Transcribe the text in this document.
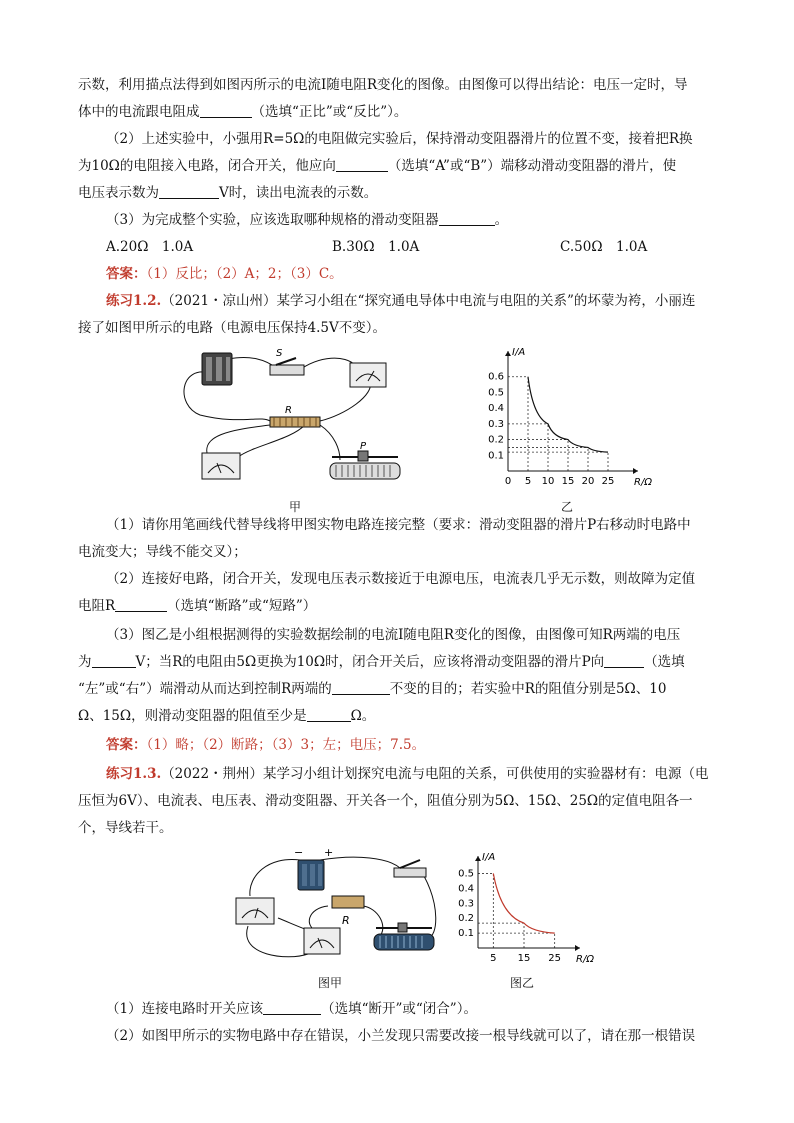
示数，利用描点法得到如图丙所示的电流I随电阻R变化的图像。由图像可以得出结论：电压一定时，导

体中的电流跟电阻成	（选填“正比”或“反比”）。

（2）上述实验中，小强用R=5Ω的电阻做完实验后，保持滑动变阻器滑片的位置不变，接着把R换

为10Ω的电阻接入电路，闭合开关，他应向	（选填“A”或“B”）端移动滑动变阻器的滑片，使

电压表示数为	V时，读出电流表的示数。

（3）为完成整个实验，应该选取哪种规格的滑动变阻器	。

A.20Ω　1.0A	B.30Ω　1.0A	C.50Ω　1.0A

答案：（1）反比；（2）A；2；（3）C。

练习1.2.（2021・凉山州）某学习小组在“探究通电导体中电流与电阻的关系”的坏蒙为袴，小丽连

接了如图甲所示的电路（电源电压保持4.5V不变）。

S
R
P
甲
0.1
0.2
0.3
0.4
0.5
0.6
5 10 15 20 25
0
I/A
R/Ω
乙

（1）请你用笔画线代替导线将甲图实物电路连接完整（要求：滑动变阻器的滑片P右移动时电路中

电流变大；导线不能交叉）；

（2）连接好电路，闭合开关，发现电压表示数接近于电源电压，电流表几乎无示数，则故障为定值

电阻R	（选填“断路”或“短路”）

（3）图乙是小组根据测得的实验数据绘制的电流I随电阻R变化的图像，由图像可知R两端的电压

为	V；当R的电阻由5Ω更换为10Ω时，闭合开关后，应该将滑动变阻器的滑片P向	（选填

“左”或“右”）端滑动从而达到控制R两端的	不变的目的；若实验中R的阻值分别是5Ω、10

Ω、15Ω，则滑动变阻器的阻值至少是	Ω。

答案：（1）略；（2）断路；（3）3；左；电压；7.5。

练习1.3.（2022・荆州）某学习小组计划探究电流与电阻的关系，可供使用的实验器材有：电源（电

压恒为6V）、电流表、电压表、滑动变阻器、开关各一个，阻值分别为5Ω、15Ω、25Ω的定值电阻各一

个，导线若干。

− +
R
图甲
0.1
0.2
0.3
0.4
0.5
5 15 25
I/A
R/Ω
图乙

（1）连接电路时开关应该	（选填“断开”或“闭合”）。

（2）如图甲所示的实物电路中存在错误，小兰发现只需要改接一根导线就可以了，请在那一根错误
